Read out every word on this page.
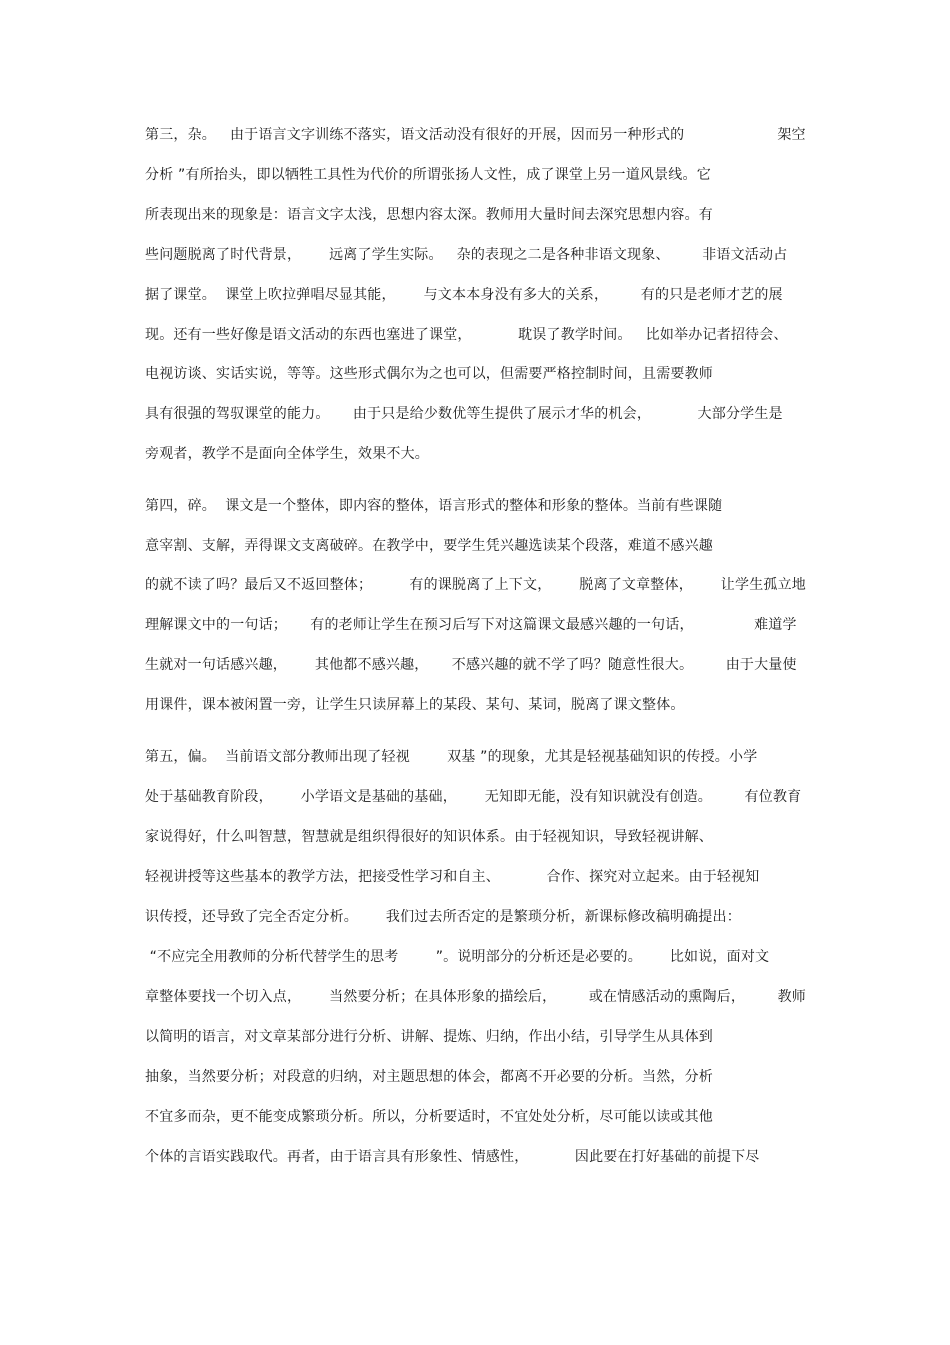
第三，杂。   由于语言文字训练不落实，语文活动没有很好的开展，因而另一种形式的                    架空
分析 ”有所抬头，即以牺牲工具性为代价的所谓张扬人文性，成了课堂上另一道风景线。它
所表现出来的现象是：语言文字太浅，思想内容太深。教师用大量时间去深究思想内容。有
些问题脱离了时代背景，      远离了学生实际。   杂的表现之二是各种非语文现象、       非语文活动占
据了课堂。  课堂上吹拉弹唱尽显其能，      与文本本身没有多大的关系，       有的只是老师才艺的展
现。还有一些好像是语文活动的东西也塞进了课堂，          耽误了教学时间。   比如举办记者招待会、
电视访谈、实话实说，等等。这些形式偶尔为之也可以，但需要严格控制时间，且需要教师
具有很强的驾驭课堂的能力。     由于只是给少数优等生提供了展示才华的机会，          大部分学生是
旁观者，教学不是面向全体学生，效果不大。
第四，碎。  课文是一个整体，即内容的整体，语言形式的整体和形象的整体。当前有些课随
意宰割、支解，弄得课文支离破碎。在教学中，要学生凭兴趣选读某个段落，难道不感兴趣
的就不读了吗？最后又不返回整体；        有的课脱离了上下文，      脱离了文章整体，      让学生孤立地
理解课文中的一句话；     有的老师让学生在预习后写下对这篇课文最感兴趣的一句话，             难道学
生就对一句话感兴趣，      其他都不感兴趣，     不感兴趣的就不学了吗？随意性很大。       由于大量使
用课件，课本被闲置一旁，让学生只读屏幕上的某段、某句、某词，脱离了课文整体。
第五，偏。  当前语文部分教师出现了轻视        双基 ”的现象，尤其是轻视基础知识的传授。小学
处于基础教育阶段，      小学语文是基础的基础，      无知即无能，没有知识就没有创造。       有位教育
家说得好，什么叫智慧，智慧就是组织得很好的知识体系。由于轻视知识，导致轻视讲解、
轻视讲授等这些基本的教学方法，把接受性学习和自主、          合作、探究对立起来。由于轻视知
识传授，还导致了完全否定分析。      我们过去所否定的是繁琐分析，新课标修改稿明确提出：
“不应完全用教师的分析代替学生的思考        ”。说明部分的分析还是必要的。      比如说，面对文
章整体要找一个切入点，      当然要分析；在具体形象的描绘后，       或在情感活动的熏陶后，       教师
以简明的语言，对文章某部分进行分析、讲解、提炼、归纳，作出小结，引导学生从具体到
抽象，当然要分析；对段意的归纳，对主题思想的体会，都离不开必要的分析。当然，分析
不宜多而杂，更不能变成繁琐分析。所以，分析要适时，不宜处处分析，尽可能以读或其他
个体的言语实践取代。再者，由于语言具有形象性、情感性，          因此要在打好基础的前提下尽
